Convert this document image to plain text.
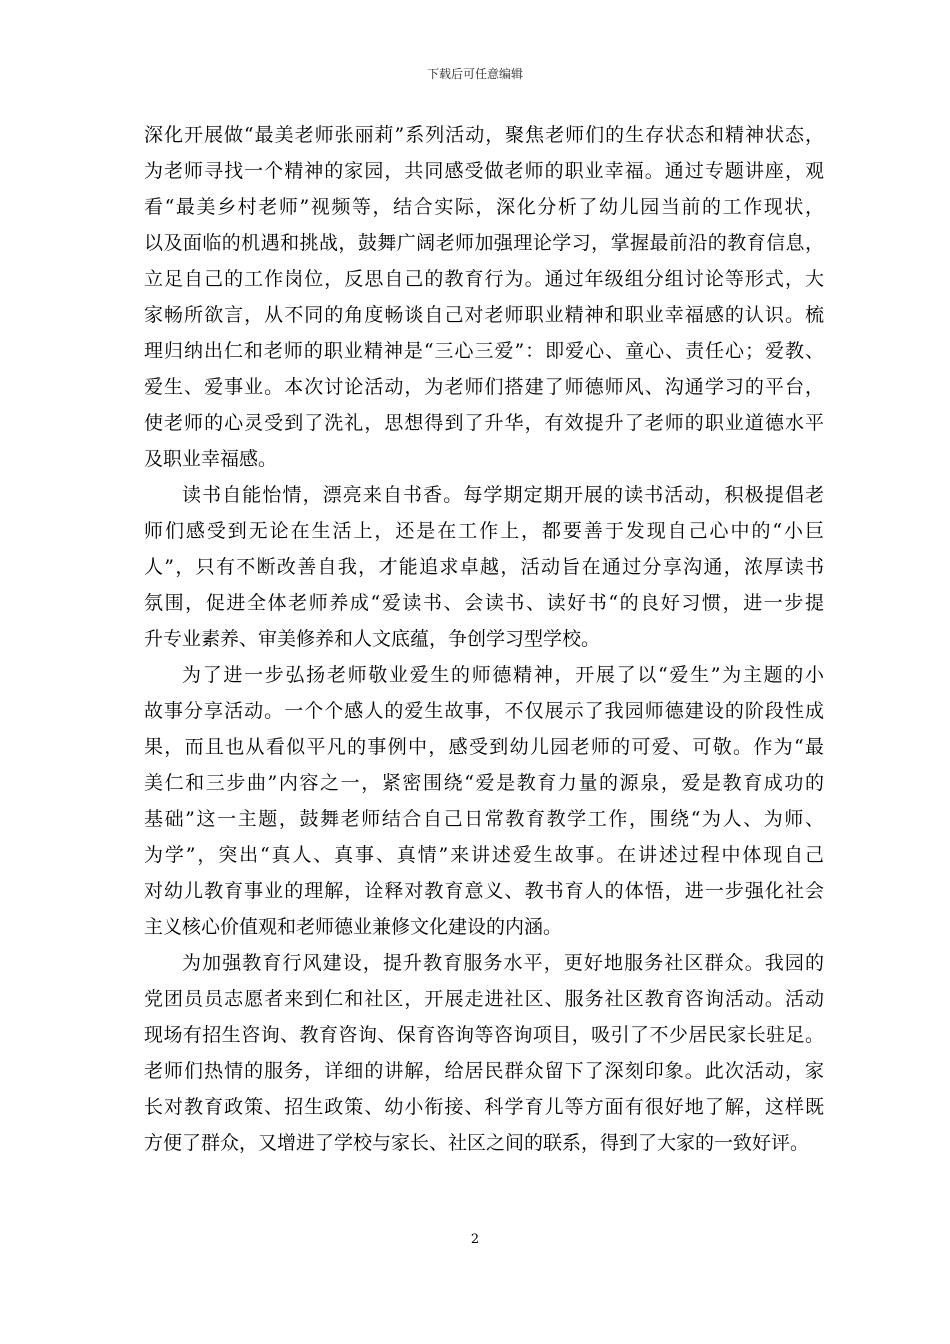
下载后可任意编辑
深化开展做“最美老师张丽莉”系列活动，聚焦老师们的生存状态和精神状态，
为老师寻找一个精神的家园，共同感受做老师的职业幸福。通过专题讲座，观
看“最美乡村老师”视频等，结合实际，深化分析了幼儿园当前的工作现状，
以及面临的机遇和挑战，鼓舞广阔老师加强理论学习，掌握最前沿的教育信息，
立足自己的工作岗位，反思自己的教育行为。通过年级组分组讨论等形式，大
家畅所欲言，从不同的角度畅谈自己对老师职业精神和职业幸福感的认识。梳
理归纳出仁和老师的职业精神是“三心三爱”：即爱心、童心、责任心；爱教、
爱生、爱事业。本次讨论活动，为老师们搭建了师德师风、沟通学习的平台，
使老师的心灵受到了洗礼，思想得到了升华，有效提升了老师的职业道德水平
及职业幸福感。
读书自能怡情，漂亮来自书香。每学期定期开展的读书活动，积极提倡老
师们感受到无论在生活上，还是在工作上，都要善于发现自己心中的“小巨
人”，只有不断改善自我，才能追求卓越，活动旨在通过分享沟通，浓厚读书
氛围，促进全体老师养成“爱读书、会读书、读好书“的良好习惯，进一步提
升专业素养、审美修养和人文底蕴，争创学习型学校。
为了进一步弘扬老师敬业爱生的师德精神，开展了以“爱生”为主题的小
故事分享活动。一个个感人的爱生故事，不仅展示了我园师德建设的阶段性成
果，而且也从看似平凡的事例中，感受到幼儿园老师的可爱、可敬。作为“最
美仁和三步曲”内容之一，紧密围绕“爱是教育力量的源泉，爱是教育成功的
基础”这一主题，鼓舞老师结合自己日常教育教学工作，围绕“为人、为师、
为学”，突出“真人、真事、真情”来讲述爱生故事。在讲述过程中体现自己
对幼儿教育事业的理解，诠释对教育意义、教书育人的体悟，进一步强化社会
主义核心价值观和老师德业兼修文化建设的内涵。
为加强教育行风建设，提升教育服务水平，更好地服务社区群众。我园的
党团员员志愿者来到仁和社区，开展走进社区、服务社区教育咨询活动。活动
现场有招生咨询、教育咨询、保育咨询等咨询项目，吸引了不少居民家长驻足。
老师们热情的服务，详细的讲解，给居民群众留下了深刻印象。此次活动，家
长对教育政策、招生政策、幼小衔接、科学育儿等方面有很好地了解，这样既
方便了群众，又增进了学校与家长、社区之间的联系，得到了大家的一致好评。
2
